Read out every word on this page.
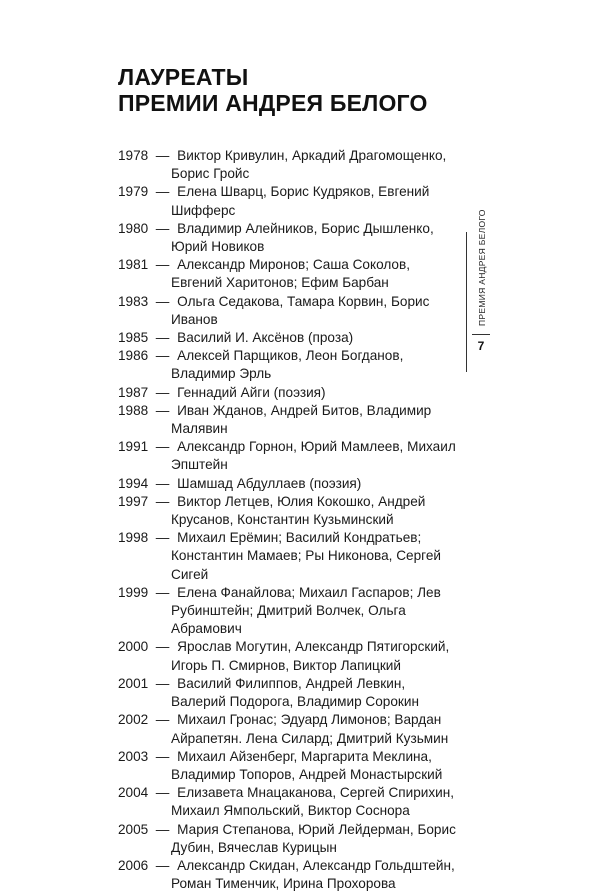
ЛАУРЕАТЫ
ПРЕМИИ АНДРЕЯ БЕЛОГО
1978 — Виктор Кривулин, Аркадий Драгомощенко, Борис Гройс
1979 — Елена Шварц, Борис Кудряков, Евгений Шифферс
1980 — Владимир Алейников, Борис Дышленко, Юрий Новиков
1981 — Александр Миронов; Саша Соколов, Евгений Харитонов; Ефим Барбан
1983 — Ольга Седакова, Тамара Корвин, Борис Иванов
1985 — Василий И. Аксёнов (проза)
1986 — Алексей Парщиков, Леон Богданов, Владимир Эрль
1987 — Геннадий Айги (поэзия)
1988 — Иван Жданов, Андрей Битов, Владимир Малявин
1991 — Александр Горнон, Юрий Мамлеев, Михаил Эпштейн
1994 — Шамшад Абдуллаев (поэзия)
1997 — Виктор Летцев, Юлия Кокошко, Андрей Крусанов, Константин Кузьминский
1998 — Михаил Ерёмин; Василий Кондратьев; Константин Мамаев; Ры Никонова, Сергей Сигей
1999 — Елена Фанайлова; Михаил Гаспаров; Лев Рубинштейн; Дмитрий Волчек, Ольга Абрамович
2000 — Ярослав Могутин, Александр Пятигорский, Игорь П. Смирнов, Виктор Лапицкий
2001 — Василий Филиппов, Андрей Левкин, Валерий Подорога, Владимир Сорокин
2002 — Михаил Гронас; Эдуард Лимонов; Вардан Айрапетян. Лена Силард; Дмитрий Кузьмин
2003 — Михаил Айзенберг, Маргарита Меклина, Владимир Топоров, Андрей Монастырский
2004 — Елизавета Мнацаканова, Сергей Спирихин, Михаил Ямпольский, Виктор Соснора
2005 — Мария Степанова, Юрий Лейдерман, Борис Дубин, Вячеслав Курицын
2006 — Александр Скидан, Александр Гольдштейн, Роман Тименчик, Ирина Прохорова
ПРЕМИЯ АНДРЕЯ БЕЛОГО
7
